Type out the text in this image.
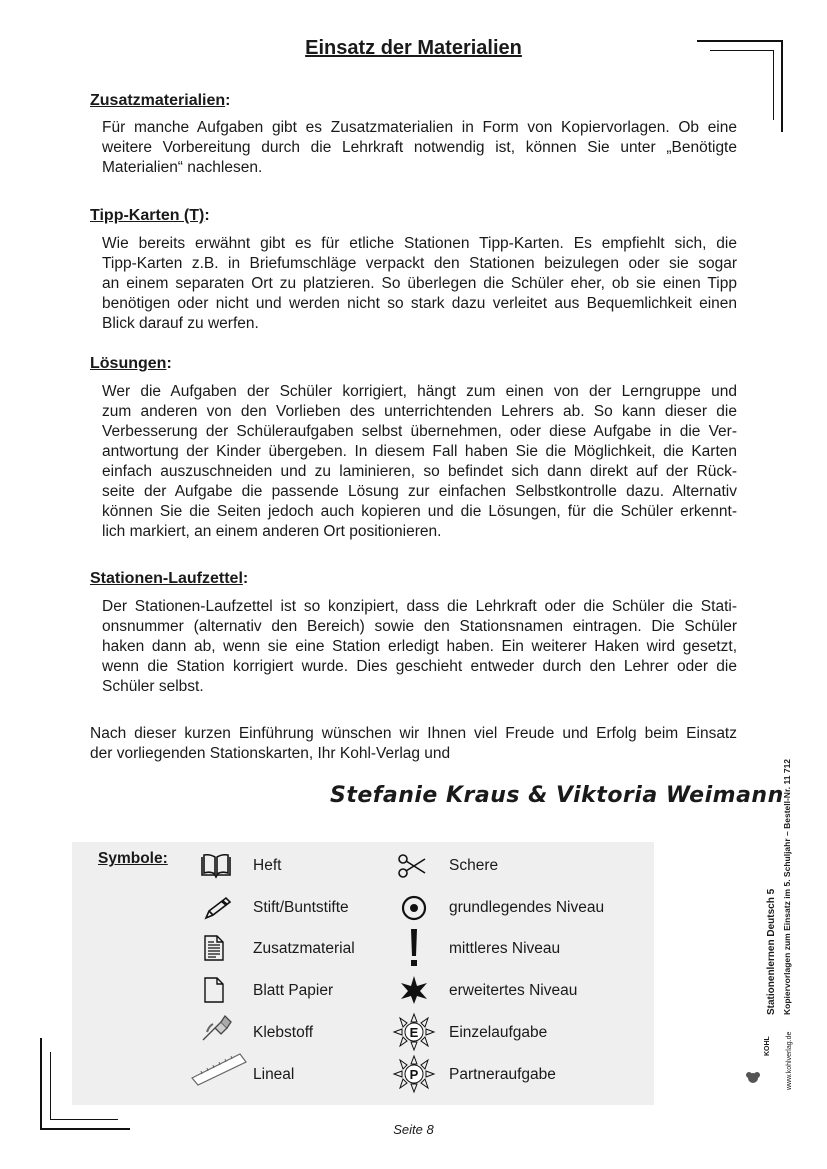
Einsatz der Materialien
Zusatzmaterialien:
Für manche Aufgaben gibt es Zusatzmaterialien in Form von Kopiervorlagen. Ob eine
weitere Vorbereitung durch die Lehrkraft notwendig ist, können Sie unter „Benötigte
Materialien“ nachlesen.
Tipp-Karten (T):
Wie bereits erwähnt gibt es für etliche Stationen Tipp-Karten. Es empfiehlt sich, die
Tipp-Karten z.B. in Briefumschläge verpackt den Stationen beizulegen oder sie sogar
an einem separaten Ort zu platzieren. So überlegen die Schüler eher, ob sie einen Tipp
benötigen oder nicht und werden nicht so stark dazu verleitet aus Bequemlichkeit einen
Blick darauf zu werfen.
Lösungen:
Wer die Aufgaben der Schüler korrigiert, hängt zum einen von der Lerngruppe und
zum anderen von den Vorlieben des unterrichtenden Lehrers ab. So kann dieser die
Verbesserung der Schüleraufgaben selbst übernehmen, oder diese Aufgabe in die Ver-
antwortung der Kinder übergeben. In diesem Fall haben Sie die Möglichkeit, die Karten
einfach auszuschneiden und zu laminieren, so befindet sich dann direkt auf der Rück-
seite der Aufgabe die passende Lösung zur einfachen Selbstkontrolle dazu. Alternativ
können Sie die Seiten jedoch auch kopieren und die Lösungen, für die Schüler erkennt-
lich markiert, an einem anderen Ort positionieren.
Stationen-Laufzettel:
Der Stationen-Laufzettel ist so konzipiert, dass die Lehrkraft oder die Schüler die Stati-
onsnummer (alternativ den Bereich) sowie den Stationsnamen eintragen. Die Schüler
haken dann ab, wenn sie eine Station erledigt haben. Ein weiterer Haken wird gesetzt,
wenn die Station korrigiert wurde. Dies geschieht entweder durch den Lehrer oder die
Schüler selbst.
Nach dieser kurzen Einführung wünschen wir Ihnen viel Freude und Erfolg beim Einsatz
der vorliegenden Stationskarten, Ihr Kohl-Verlag und
Stefanie Kraus & Viktoria Weimann
Symbole:	Heft
Stift/Buntstifte
Zusatzmaterial
Blatt Papier
Klebstoff
Lineal
Schere
grundlegendes Niveau
mittleres Niveau
erweitertes Niveau
E Einzelaufgabe
P Partneraufgabe
Stationenlernen Deutsch 5 Kopiervorlagen zum Einsatz im 5. Schuljahr – Bestell-Nr. 11 712
www.kohlverlag.de
KOHL
Seite 8
